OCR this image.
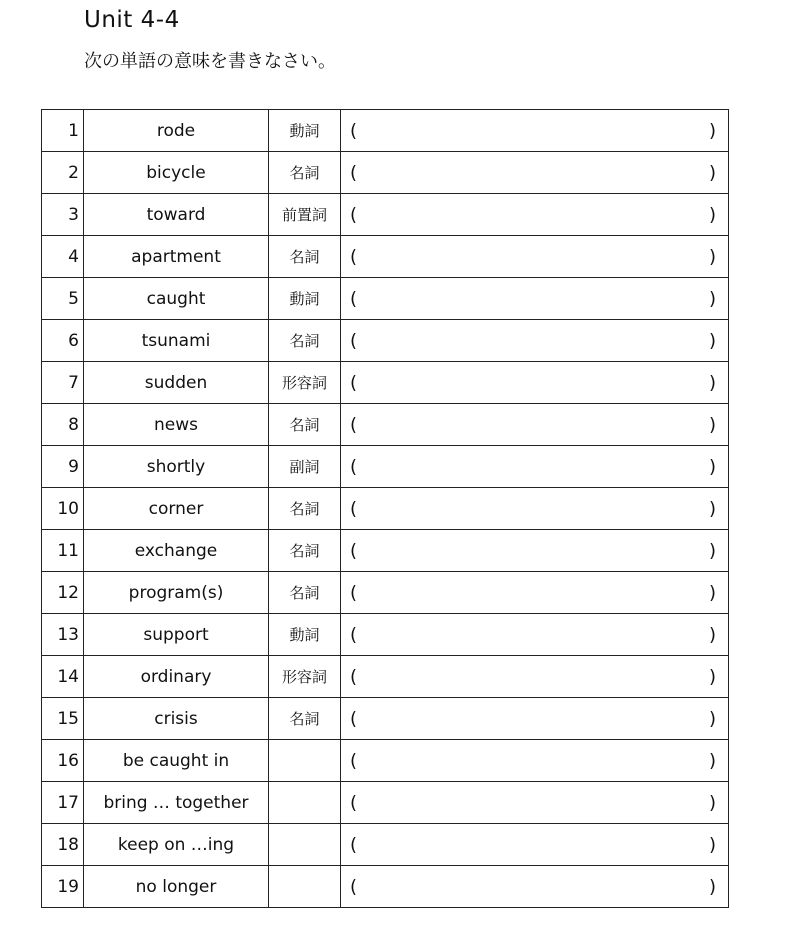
Unit 4-4
次の単語の意味を書きなさい。
1	rode	動詞	( )

2	bicycle	名詞	( )

3	toward	前置詞	( )

4	apartment	名詞	( )

5	caught	動詞	( )

6	tsunami	名詞	( )

7	sudden	形容詞	( )

8	news	名詞	( )

9	shortly	副詞	( )

10	corner	名詞	( )

11	exchange	名詞	( )

12	program(s)	名詞	( )

13	support	動詞	( )

14	ordinary	形容詞	( )

15	crisis	名詞	( )

16	be caught in		( )

17	bring … together		( )

18	keep on …ing		( )

19	no longer		( )
